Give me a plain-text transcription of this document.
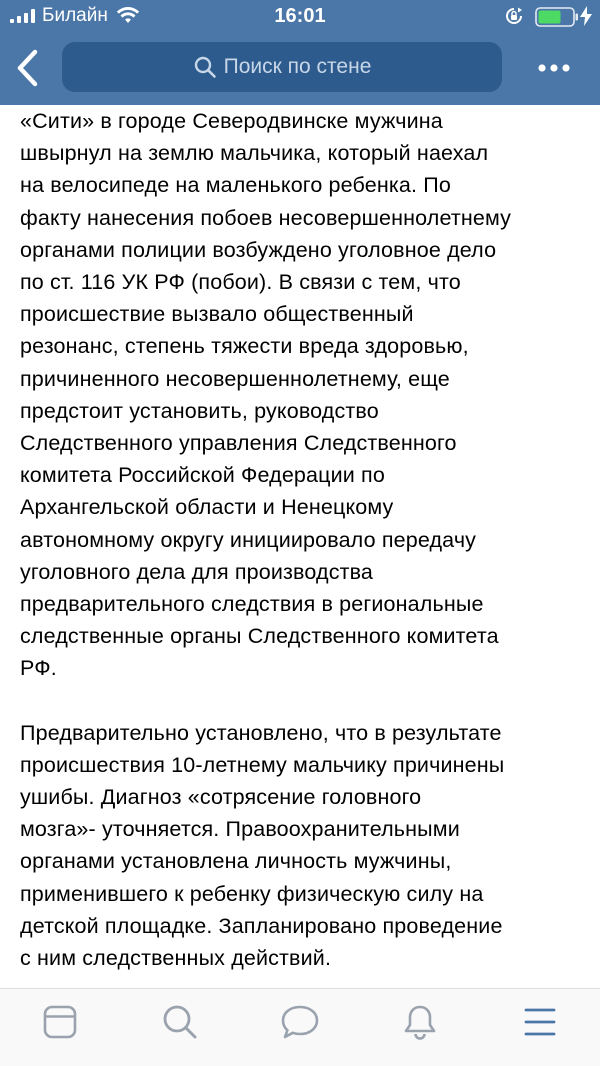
Билайн	16:01
Поиск по стене

«Сити» в городе Северодвинске мужчина
швырнул на землю мальчика, который наехал
на велосипеде на маленького ребенка. По
факту нанесения побоев несовершеннолетнему
органами полиции возбуждено уголовное дело
по ст. 116 УК РФ (побои). В связи с тем, что
происшествие вызвало общественный
резонанс, степень тяжести вреда здоровью,
причиненного несовершеннолетнему, еще
предстоит установить, руководство
Следственного управления Следственного
комитета Российской Федерации по
Архангельской области и Ненецкому
автономному округу инициировало передачу
уголовного дела для производства
предварительного следствия в региональные
следственные органы Следственного комитета
РФ.

Предварительно установлено, что в результате
происшествия 10-летнему мальчику причинены
ушибы. Диагноз «сотрясение головного
мозга»- уточняется. Правоохранительными
органами установлена личность мужчины,
применившего к ребенку физическую силу на
детской площадке. Запланировано проведение
с ним следственных действий.
